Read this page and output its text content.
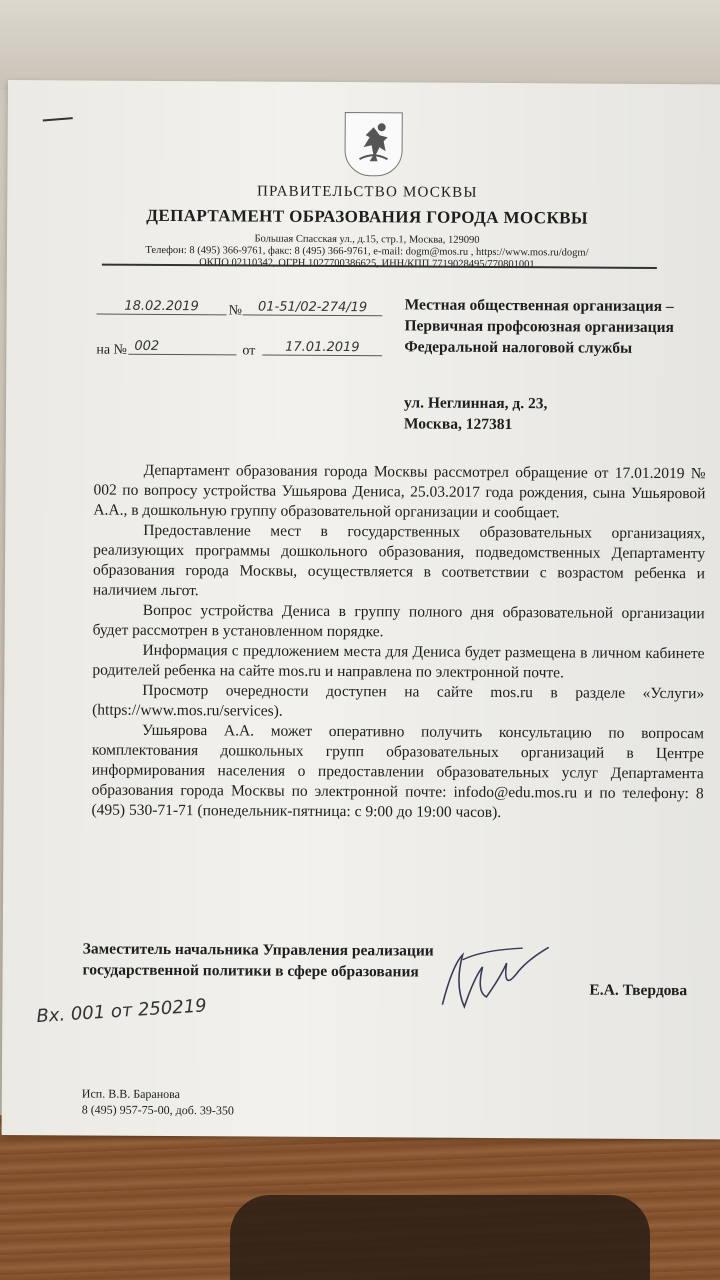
ПРАВИТЕЛЬСТВО МОСКВЫ
ДЕПАРТАМЕНТ ОБРАЗОВАНИЯ ГОРОДА МОСКВЫ
Большая Спасская ул., д.15, стр.1, Москва, 129090
Телефон: 8 (495) 366-9761, факс: 8 (495) 366-9761, e-mail: dogm@mos.ru , https://www.mos.ru/dogm/
ОКПО 02110342, ОГРН 1027700386625, ИНН/КПП 7719028495/770801001
18.02.2019	№	01-51/02-274/19
на № 002	от	17.01.2019
Местная общественная организация – Первичная профсоюзная организация Федеральной налоговой службы
ул. Неглинная, д. 23,
Москва, 127381

Департамент образования города Москвы рассмотрел обращение от 17.01.2019 № 002 по вопросу устройства Ушьярова Дениса, 25.03.2017 года рождения, сына Ушьяровой А.А., в дошкольную группу образовательной организации и сообщает.

Предоставление мест в государственных образовательных организациях, реализующих программы дошкольного образования, подведомственных Департаменту образования города Москвы, осуществляется в соответствии с возрастом ребенка и наличием льгот.

Вопрос устройства Дениса в группу полного дня образовательной организации будет рассмотрен в установленном порядке.

Информация с предложением места для Дениса будет размещена в личном кабинете родителей ребенка на сайте mos.ru и направлена по электронной почте.

Просмотр очередности доступен на сайте mos.ru в разделе «Услуги» (https://www.mos.ru/services).

Ушьярова А.А. может оперативно получить консультацию по вопросам комплектования дошкольных групп образовательных организаций в Центре информирования населения о предоставлении образовательных услуг Департамента образования города Москвы по электронной почте: infodo@edu.mos.ru и по телефону: 8 (495) 530-71-71 (понедельник-пятница: с 9:00 до 19:00 часов).

Заместитель начальника Управления реализации государственной политики в сфере образования
Е.А. Твердова
Вх. 001 от 250219
Исп. В.В. Баранова
8 (495) 957-75-00, доб. 39-350
